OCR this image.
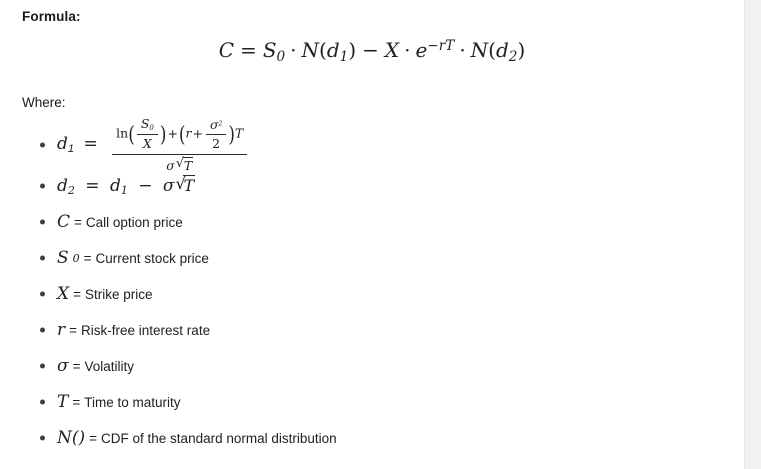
Formula:
$C = S_0 \cdot N(d_1) - X \cdot e^{-rT} \cdot N(d_2)$

Where:

$d_1 = \frac{\ln( \frac{S_0}{X} )+(r+ \frac{\sigma^2}{2} )T}{\sigma √ T}$
$d_2 = d_1 - \sigma$ √ T
C = Call option price
S 0 = Current stock price
X = Strike price
r = Risk-free interest rate
σ = Volatility
T = Time to maturity
N() = CDF of the standard normal distribution
